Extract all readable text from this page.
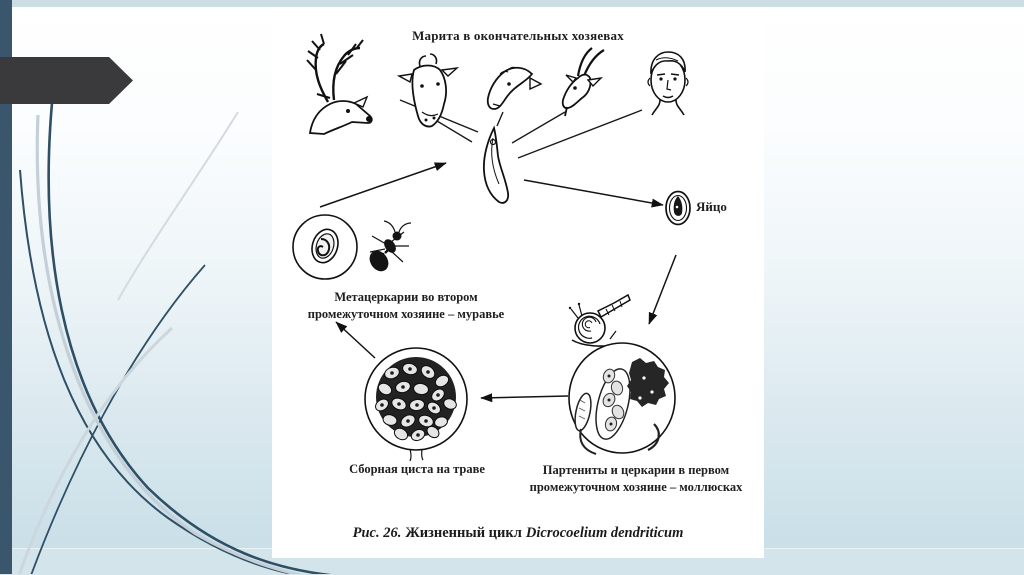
Марита в окончательных хозяевах
Яйцо
Метацеркарии во втором
промежуточном хозяине – муравье
Сборная циста на траве	Партениты и церкарии в первом
промежуточном хозяине – моллюсках
Рис. 26. Жизненный цикл Dicrocoelium dendriticum
